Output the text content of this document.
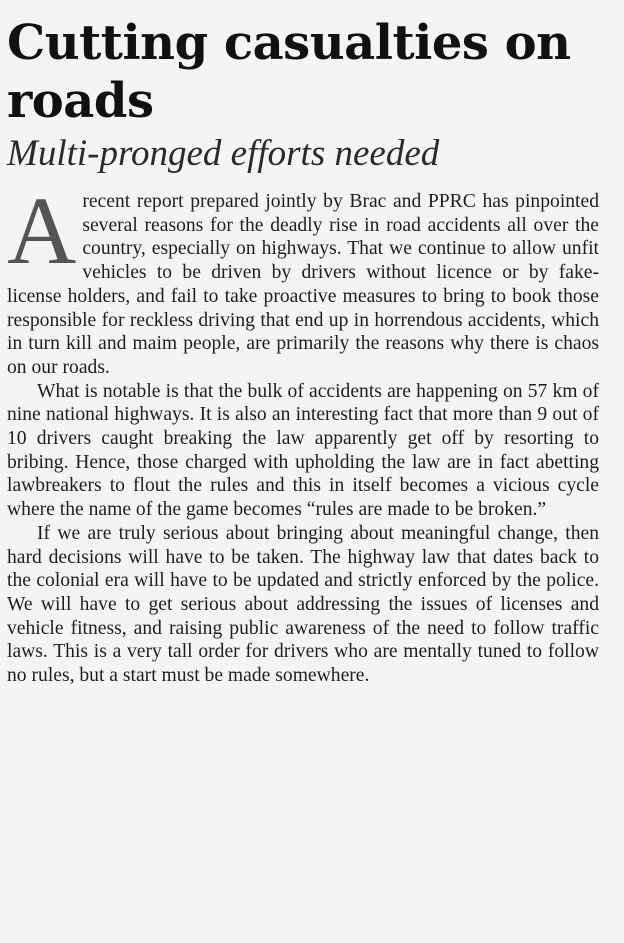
Cutting casualties on roads
Multi-pronged efforts needed

A recent report prepared jointly by Brac and PPRC has pinpointed several reasons for the deadly rise in road accidents all over the country, especially on highways. That we continue to allow unfit vehicles to be driven by drivers without licence or by fake-license holders, and fail to take proactive measures to bring to book those responsible for reckless driving that end up in horrendous accidents, which in turn kill and maim people, are primarily the reasons why there is chaos on our roads.

What is notable is that the bulk of accidents are happening on 57 km of nine national highways. It is also an interesting fact that more than 9 out of 10 drivers caught breaking the law apparently get off by resorting to bribing. Hence, those charged with upholding the law are in fact abetting lawbreakers to flout the rules and this in itself becomes a vicious cycle where the name of the game becomes “rules are made to be broken.”

If we are truly serious about bringing about meaningful change, then hard decisions will have to be taken. The highway law that dates back to the colonial era will have to be updated and strictly enforced by the police. We will have to get serious about addressing the issues of licenses and vehicle fitness, and raising public awareness of the need to follow traffic laws. This is a very tall order for drivers who are mentally tuned to follow no rules, but a start must be made somewhere.
